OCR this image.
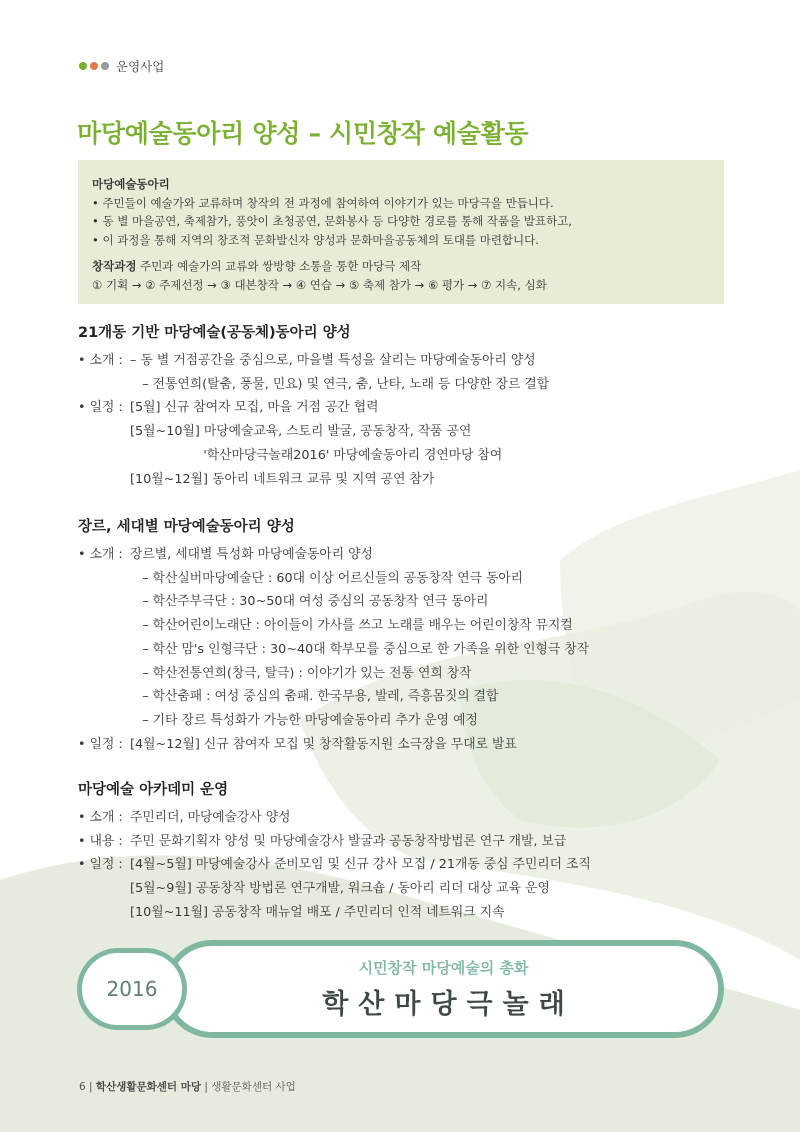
운영사업
마당예술동아리 양성 – 시민창작 예술활동
마당예술동아리
• 주민들이 예술가와 교류하며 창작의 전 과정에 참여하여 이야기가 있는 마당극을 만듭니다.
• 동 별 마을공연, 축제참가, 풍앗이 초청공연, 문화봉사 등 다양한 경로를 통해 작품을 발표하고,
• 이 과정을 통해 지역의 창조적 문화발신자 양성과 문화마을공동체의 토대를 마련합니다.
창작과정 주민과 예술가의 교류와 쌍방향 소통을 통한 마당극 제작
① 기획 → ② 주제선정 → ③ 대본창작 → ④ 연습 → ⑤ 축제 참가 → ⑥ 평가 → ⑦ 지속, 심화
21개동 기반 마당예술(공동체)동아리 양성
• 소개 : – 동 별 거점공간을 중심으로, 마을별 특성을 살리는 마당예술동아리 양성
– 전통연희(탈춤, 풍물, 민요) 및 연극, 춤, 난타, 노래 등 다양한 장르 결합
• 일정 : [5월] 신규 참여자 모집, 마을 거점 공간 협력
[5월~10월] 마당예술교육, 스토리 발굴, 공동창작, 작품 공연
'학산마당극놀래2016' 마당예술동아리 경연마당 참여
[10월~12월] 동아리 네트워크 교류 및 지역 공연 참가
장르, 세대별 마당예술동아리 양성
• 소개 : 장르별, 세대별 특성화 마당예술동아리 양성
– 학산실버마당예술단 : 60대 이상 어르신들의 공동창작 연극 동아리
– 학산주부극단 : 30~50대 여성 중심의 공동창작 연극 동아리
– 학산어린이노래단 : 아이들이 가사를 쓰고 노래를 배우는 어린이창작 뮤지컬
– 학산 맘's 인형극단 : 30~40대 학부모를 중심으로 한 가족을 위한 인형극 창작
– 학산전통연희(창극, 탈극) : 이야기가 있는 전통 연희 창작
– 학산춤패 : 여성 중심의 춤패. 한국무용, 발레, 즉흥몸짓의 결합
– 기타 장르 특성화가 가능한 마당예술동아리 추가 운영 예정
• 일정 : [4월~12월] 신규 참여자 모집 및 창작활동지원 소극장을 무대로 발표
마당예술 아카데미 운영
• 소개 : 주민리더, 마당예술강사 양성
• 내용 : 주민 문화기획자 양성 및 마당예술강사 발굴과 공동창작방법론 연구 개발, 보급
• 일정 : [4월~5월] 마당예술강사 준비모임 및 신규 강사 모집 / 21개동 중심 주민리더 조직
[5월~9월] 공동창작 방법론 연구개발, 워크숍 / 동아리 리더 대상 교육 운영
[10월~11월] 공동창작 매뉴얼 배포 / 주민리더 인적 네트워크 지속
시민창작 마당예술의 총화
학산마당극놀래
2016
6 | 학산생활문화센터 마당 | 생활문화센터 사업
